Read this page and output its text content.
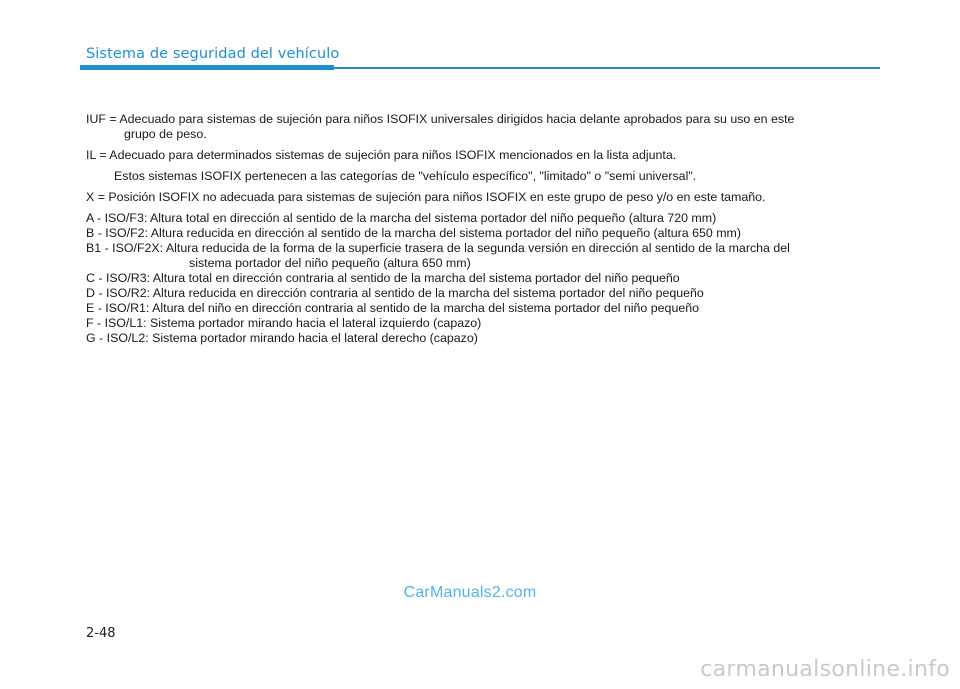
Sistema de seguridad del vehículo
IUF = Adecuado para sistemas de sujeción para niños ISOFIX universales dirigidos hacia delante aprobados para su uso en este
grupo de peso.
IL = Adecuado para determinados sistemas de sujeción para niños ISOFIX mencionados en la lista adjunta.
Estos sistemas ISOFIX pertenecen a las categorías de "vehículo específico", "limitado" o "semi universal".
X = Posición ISOFIX no adecuada para sistemas de sujeción para niños ISOFIX en este grupo de peso y/o en este tamaño.
A - ISO/F3: Altura total en dirección al sentido de la marcha del sistema portador del niño pequeño (altura 720 mm)
B - ISO/F2: Altura reducida en dirección al sentido de la marcha del sistema portador del niño pequeño (altura 650 mm)
B1 - ISO/F2X: Altura reducida de la forma de la superficie trasera de la segunda versión en dirección al sentido de la marcha del
sistema portador del niño pequeño (altura 650 mm)
C - ISO/R3: Altura total en dirección contraria al sentido de la marcha del sistema portador del niño pequeño
D - ISO/R2: Altura reducida en dirección contraria al sentido de la marcha del sistema portador del niño pequeño
E - ISO/R1: Altura del niño en dirección contraria al sentido de la marcha del sistema portador del niño pequeño
F - ISO/L1: Sistema portador mirando hacia el lateral izquierdo (capazo)
G - ISO/L2: Sistema portador mirando hacia el lateral derecho (capazo)
CarManuals2.com
2-48
carmanualsonline.info
